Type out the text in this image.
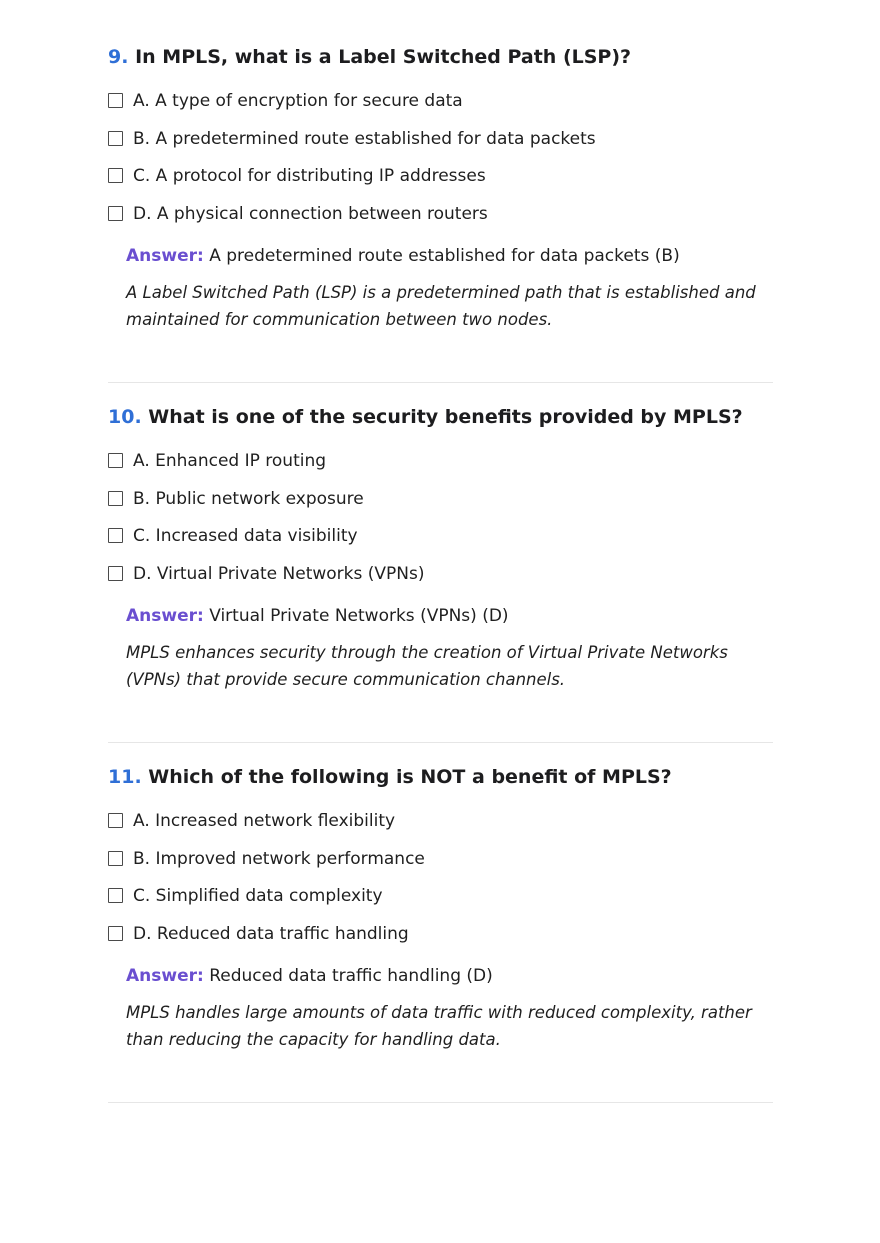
9. In MPLS, what is a Label Switched Path (LSP)?
A. A type of encryption for secure data
B. A predetermined route established for data packets
C. A protocol for distributing IP addresses
D. A physical connection between routers
Answer: A predetermined route established for data packets (B)
A Label Switched Path (LSP) is a predetermined path that is established and maintained for communication between two nodes.
10. What is one of the security benefits provided by MPLS?
A. Enhanced IP routing
B. Public network exposure
C. Increased data visibility
D. Virtual Private Networks (VPNs)
Answer: Virtual Private Networks (VPNs) (D)
MPLS enhances security through the creation of Virtual Private Networks (VPNs) that provide secure communication channels.
11. Which of the following is NOT a benefit of MPLS?
A. Increased network flexibility
B. Improved network performance
C. Simplified data complexity
D. Reduced data traffic handling
Answer: Reduced data traffic handling (D)
MPLS handles large amounts of data traffic with reduced complexity, rather than reducing the capacity for handling data.
